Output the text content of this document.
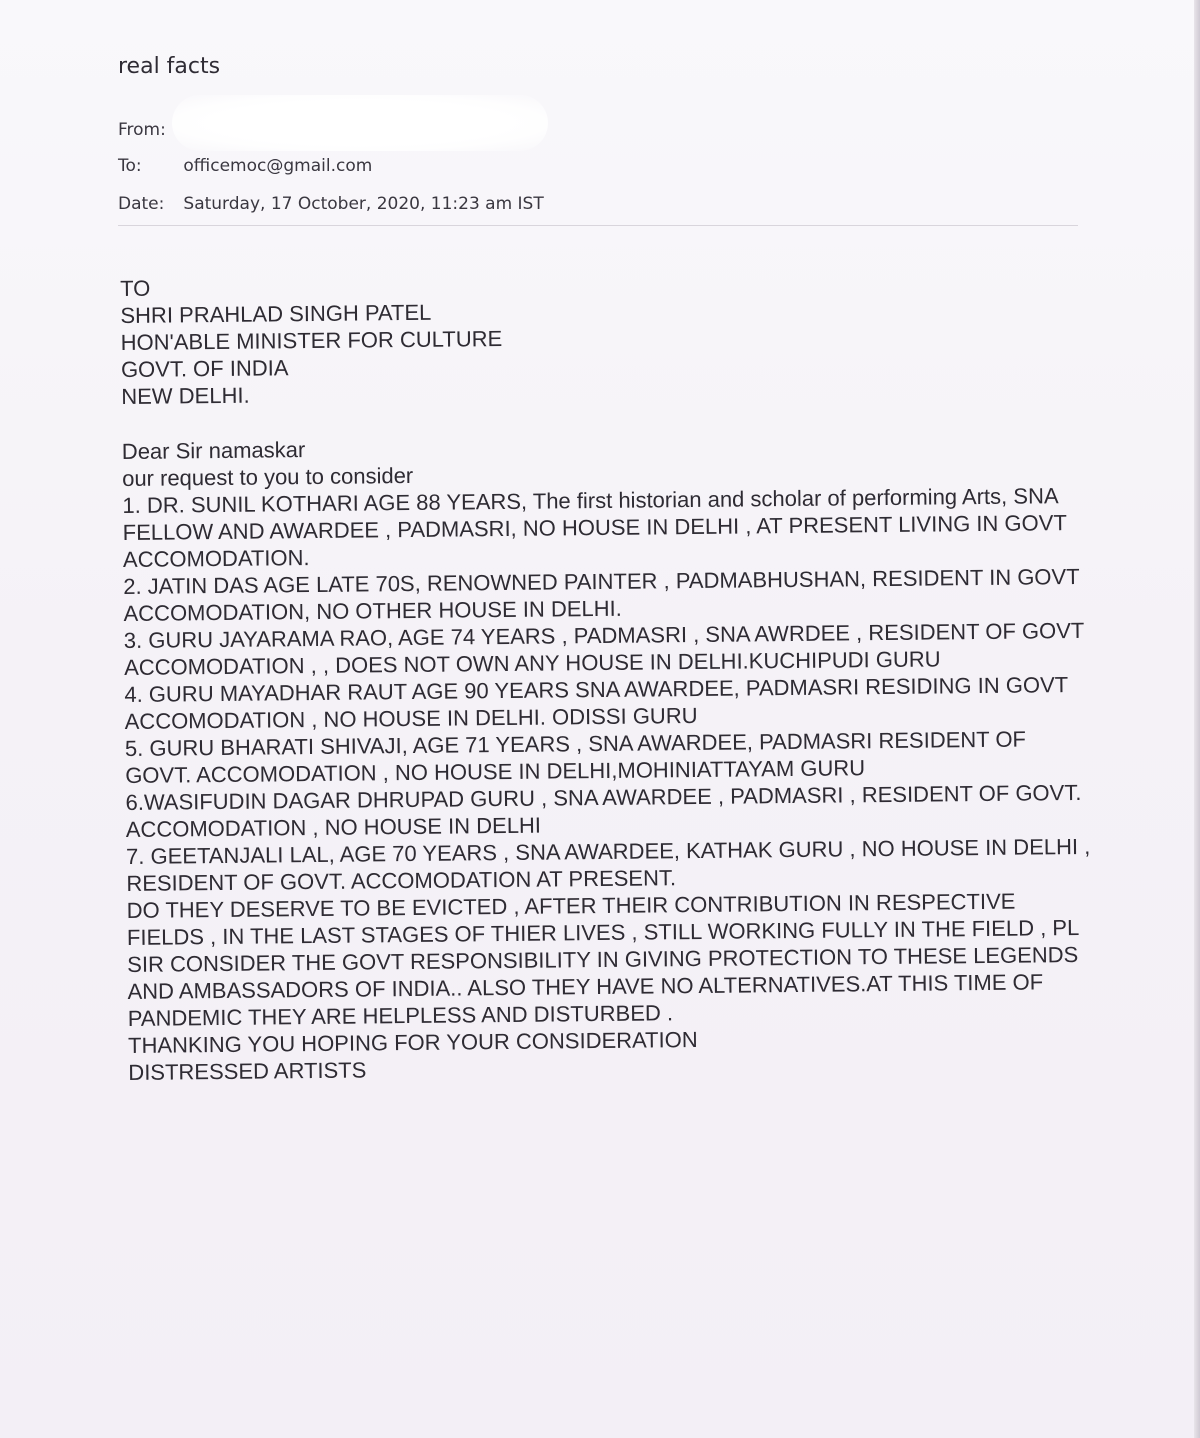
real facts
From:
To: officemoc@gmail.com
Date: Saturday, 17 October, 2020, 11:23 am IST

TO

SHRI PRAHLAD SINGH PATEL

HON'ABLE MINISTER FOR CULTURE

GOVT. OF INDIA

NEW DELHI.

Dear Sir namaskar

our request to you to consider

1. DR. SUNIL KOTHARI AGE 88 YEARS, The first historian and scholar of performing Arts, SNA FELLOW AND AWARDEE , PADMASRI, NO HOUSE IN DELHI , AT PRESENT LIVING IN GOVT ACCOMODATION.

2. JATIN DAS AGE LATE 70S, RENOWNED PAINTER , PADMABHUSHAN, RESIDENT IN GOVT ACCOMODATION, NO OTHER HOUSE IN DELHI.

3. GURU JAYARAMA RAO, AGE 74 YEARS , PADMASRI , SNA AWRDEE , RESIDENT OF GOVT ACCOMODATION , , DOES NOT OWN ANY HOUSE IN DELHI.KUCHIPUDI GURU

4. GURU MAYADHAR RAUT AGE 90 YEARS SNA AWARDEE, PADMASRI RESIDING IN GOVT ACCOMODATION , NO HOUSE IN DELHI. ODISSI GURU

5. GURU BHARATI SHIVAJI, AGE 71 YEARS , SNA AWARDEE, PADMASRI RESIDENT OF GOVT. ACCOMODATION , NO HOUSE IN DELHI,MOHINIATTAYAM GURU

6.WASIFUDIN DAGAR DHRUPAD GURU , SNA AWARDEE , PADMASRI , RESIDENT OF GOVT. ACCOMODATION , NO HOUSE IN DELHI

7. GEETANJALI LAL, AGE 70 YEARS , SNA AWARDEE, KATHAK GURU , NO HOUSE IN DELHI , RESIDENT OF GOVT. ACCOMODATION AT PRESENT.

DO THEY DESERVE TO BE EVICTED , AFTER THEIR CONTRIBUTION IN RESPECTIVE FIELDS , IN THE LAST STAGES OF THIER LIVES , STILL WORKING FULLY IN THE FIELD , PL SIR CONSIDER THE GOVT RESPONSIBILITY IN GIVING PROTECTION TO THESE LEGENDS AND AMBASSADORS OF INDIA.. ALSO THEY HAVE NO ALTERNATIVES.AT THIS TIME OF PANDEMIC THEY ARE HELPLESS AND DISTURBED .

THANKING YOU HOPING FOR YOUR CONSIDERATION

DISTRESSED ARTISTS
